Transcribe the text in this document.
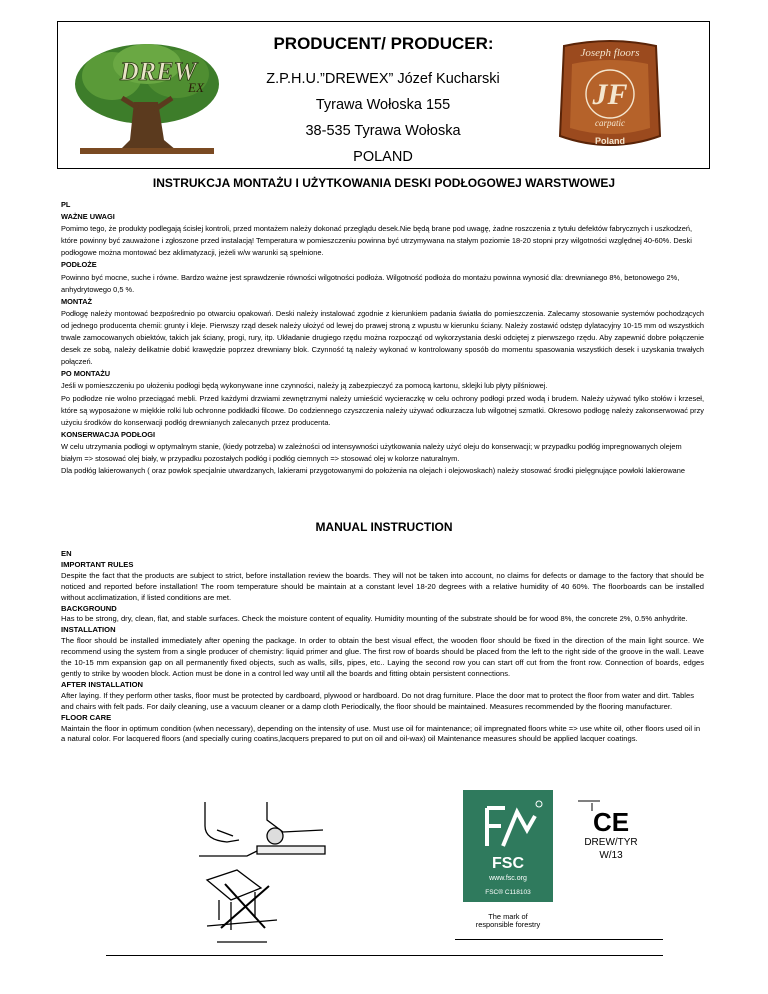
PRODUCENT/ PRODUCER:
DREW
EX
Z.P.H.U.”DREWEX” Józef Kucharski
Tyrawa Wołoska 155
38-535 Tyrawa Wołoska
POLAND
Joseph floors
JF
carpatic
Poland
INSTRUKCJA MONTAŻU I UŻYTKOWANIA DESKI PODŁOGOWEJ WARSTWOWEJ

PL

WAŻNE UWAGI

Pomimo tego, że produkty podlegają ścisłej kontroli, przed montażem należy dokonać przeglądu desek.Nie będą brane pod uwagę, żadne roszczenia z tytułu defektów fabrycznych i uszkodzeń, które powinny być zauważone i zgłoszone przed instalacją! Temperatura w pomieszczeniu powinna być utrzymywana na stałym poziomie 18-20 stopni przy wilgotności względnej 40-60%. Deski podłogowe można montować bez aklimatyzacji, jeżeli w/w warunki są spełnione.

PODŁOŻE

Powinno być mocne, suche i równe. Bardzo ważne jest sprawdzenie równości wilgotności podłoża. Wilgotność podłoża do montażu powinna wynosić dla: drewnianego 8%, betonowego 2%, anhydrytowego 0,5 %.

MONTAŻ

Podłogę należy montować bezpośrednio po otwarciu opakowań. Deski należy instalować zgodnie z kierunkiem padania światła do pomieszczenia. Zalecamy stosowanie systemów pochodzących od jednego producenta chemii: grunty i kleje. Pierwszy rząd desek należy ułożyć od lewej do prawej stroną z wpustu w kierunku ściany. Należy zostawić odstęp dylatacyjny 10-15 mm od wszystkich trwale zamocowanych obiektów, takich jak ściany, progi, rury, itp. Układanie drugiego rzędu można rozpocząć od wykorzystania deski odciętej z pierwszego rzędu. Aby zapewnić dobre połączenie desek ze sobą, należy delikatnie dobić krawędzie poprzez drewniany blok. Czynność tą należy wykonać w kontrolowany sposób do momentu spasowania wszystkich desek i uzyskania trwałych połączeń.

PO MONTAŻU

Jeśli w pomieszczeniu po ułożeniu podłogi będą wykonywane inne czynności, należy ją zabezpieczyć za pomocą kartonu, sklejki lub płyty pilśniowej.

Po podłodze nie wolno przeciągać mebli. Przed każdymi drzwiami zewnętrznymi należy umieścić wycieraczkę w celu ochrony podłogi przed wodą i brudem. Należy używać tylko stołów i krzeseł, które są wyposażone w miękkie rolki lub ochronne podkładki filcowe. Do codziennego czyszczenia należy używać odkurzacza lub wilgotnej szmatki. Okresowo podłogę należy zakonserwować przy użyciu środków do konserwacji podłóg drewnianych zalecanych przez producenta.

KONSERWACJA PODŁOGI

W celu utrzymania podłogi w optymalnym stanie, (kiedy potrzeba) w zależności od intensywności użytkowania należy użyć oleju do konserwacji; w przypadku podłóg impregnowanych olejem białym => stosować olej biały, w przypadku pozostałych podłóg i podłóg ciemnych => stosować olej w kolorze naturalnym.

Dla podłóg lakierowanych ( oraz powłok specjalnie utwardzanych, lakierami przygotowanymi do położenia na olejach i olejowoskach) należy stosować środki pielęgnujące powłoki lakierowane

MANUAL INSTRUCTION

EN

IMPORTANT RULES

Despite the fact that the products are subject to strict, before installation review the boards. They will not be taken into account, no claims for defects or damage to the factory that should be noticed and reported before installation! The room temperature should be maintain at a constant level 18-20 degrees with a relative humidity of 40 60%. The floorboards can be installed without acclimatization, if listed conditions are met.

BACKGROUND

Has to be strong, dry, clean, flat, and stable surfaces. Check the moisture content of equality. Humidity mounting of the substrate should be for wood 8%, the concrete 2%, 0.5% anhydrite.

INSTALLATION

The floor should be installed immediately after opening the package. In order to obtain the best visual effect, the wooden floor should be fixed in the direction of the main light source. We recommend using the system from a single producer of chemistry: liquid primer and glue. The first row of boards should be placed from the left to the right side of the groove in the wall. Leave the 10-15 mm expansion gap on all permanently fixed objects, such as walls, sills, pipes, etc.. Laying the second row you can start off cut from the front row. Connection of boards, edges gently to strike by wooden block. Action must be done in a control led way until all the boards and fitting obtain persistent connections.

AFTER INSTALLATION

After laying. If they perform other tasks, floor must be protected by cardboard, plywood or hardboard. Do not drag furniture. Place the door mat to protect the floor from water and dirt. Tables and chairs with felt pads. For daily cleaning, use a vacuum cleaner or a damp cloth Periodically, the floor should be maintained. Measures recommended by the flooring manufacturer.

FLOOR CARE

Maintain the floor in optimum condition (when necessary), depending on the intensity of use. Must use oil for maintenance; oil impregnated floors white => use white oil, other floors used oil in a natural color. For lacquered floors (and specially curing coatins,lacquers prepared to put on oil and oil-wax) oil Maintenance measures should be applied lacquer coatings.

FSC
www.fsc.org
FSC® C118103
The mark of
responsible forestry
CE
DREW/TYR
W/13
